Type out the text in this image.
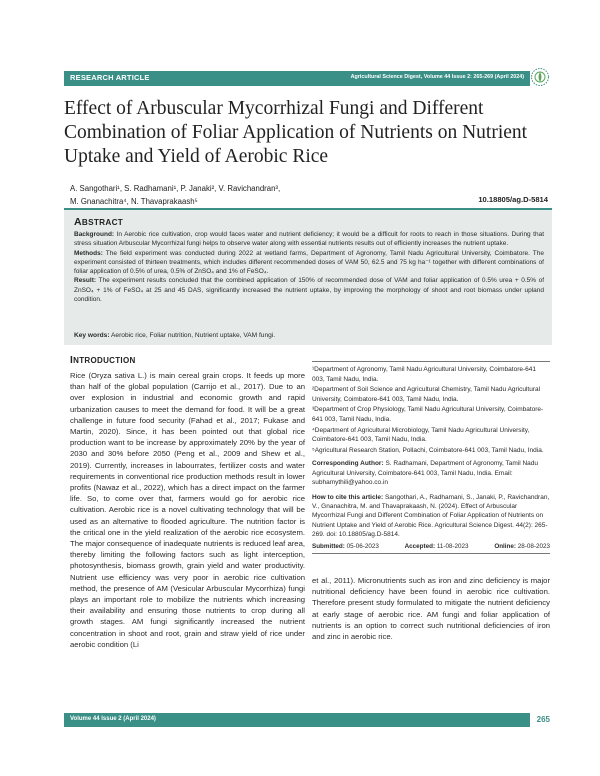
RESEARCH ARTICLE	Agricultural Science Digest, Volume 44 Issue 2: 265-269 (April 2024)
Effect of Arbuscular Mycorrhizal Fungi and Different Combination of Foliar Application of Nutrients on Nutrient Uptake and Yield of Aerobic Rice
A. Sangothari¹, S. Radhamani¹, P. Janaki², V. Ravichandran³,
M. Gnanachitra⁴, N. Thavaprakaash⁵	10.18805/ag.D-5814
ABSTRACT

Background: In Aerobic rice cultivation, crop would faces water and nutrient deficiency; it would be a difficult for roots to reach in those situations. During that stress situation Arbuscular Mycorrhizal fungi helps to observe water along with essential nutrients results out of efficiently increases the nutrient uptake.

Methods: The field experiment was conducted during 2022 at wetland farms, Department of Agronomy, Tamil Nadu Agricultural University, Coimbatore. The experiment consisted of thirteen treatments, which includes different recommended doses of VAM 50, 62.5 and 75 kg ha⁻¹ together with different combinations of foliar application of 0.5% of urea, 0.5% of ZnSO₄ and 1% of FeSO₄.

Result: The experiment results concluded that the combined application of 150% of recommended dose of VAM and foliar application of 0.5% urea + 0.5% of ZnSO₄ + 1% of FeSO₄ at 25 and 45 DAS, significantly increased the nutrient uptake, by improving the morphology of shoot and root biomass under upland condition.

Key words: Aerobic rice, Foliar nutrition, Nutrient uptake, VAM fungi.
INTRODUCTION

Rice (Oryza sativa L.) is main cereal grain crops. It feeds up more than half of the global population (Carrijo et al., 2017). Due to an over explosion in industrial and economic growth and rapid urbanization causes to meet the demand for food. It will be a great challenge in future food security (Fahad et al., 2017; Fukase and Martin, 2020). Since, it has been pointed out that global rice production want to be increase by approximately 20% by the year of 2030 and 30% before 2050 (Peng et al., 2009 and Shew et al., 2019). Currently, increases in labourrates, fertilizer costs and water requirements in conventional rice production methods result in lower profits (Nawaz et al., 2022), which has a direct impact on the farmer life. So, to come over that, farmers would go for aerobic rice cultivation. Aerobic rice is a novel cultivating technology that will be used as an alternative to flooded agriculture. The nutrition factor is the critical one in the yield realization of the aerobic rice ecosystem. The major consequence of inadequate nutrients is reduced leaf area, thereby limiting the following factors such as light interception, photosynthesis, biomass growth, grain yield and water productivity. Nutrient use efficiency was very poor in aerobic rice cultivation method, the presence of AM (Vesicular Arbuscular Mycorrhiza) fungi plays an important role to mobilize the nutrients which increasing their availability and ensuring those nutrients to crop during all growth stages. AM fungi significantly increased the nutrient concentration in shoot and root, grain and straw yield of rice under aerobic condition (Li

¹Department of Agronomy, Tamil Nadu Agricultural University, Coimbatore-641 003, Tamil Nadu, India.

²Department of Soil Science and Agricultural Chemistry, Tamil Nadu Agricultural University, Coimbatore-641 003, Tamil Nadu, India.

³Department of Crop Physiology, Tamil Nadu Agricultural University, Coimbatore-641 003, Tamil Nadu, India.

⁴Department of Agricultural Microbiology, Tamil Nadu Agricultural University, Coimbatore-641 003, Tamil Nadu, India.

⁵Agricultural Research Station, Pollachi, Coimbatore-641 003, Tamil Nadu, India.

Corresponding Author: S. Radhamani, Department of Agronomy, Tamil Nadu Agricultural University, Coimbatore-641 003, Tamil Nadu, India. Email: subhamythili@yahoo.co.in

How to cite this article: Sangothari, A., Radhamani, S., Janaki, P., Ravichandran, V., Gnanachitra, M. and Thavaprakaash, N. (2024). Effect of Arbuscular Mycorrhizal Fungi and Different Combination of Foliar Application of Nutrients on Nutrient Uptake and Yield of Aerobic Rice. Agricultural Science Digest. 44(2): 265-269. doi: 10.18805/ag.D-5814.

Submitted: 05-06-2023	Accepted: 11-08-2023	Online: 28-08-2023

et al., 2011). Micronutrients such as iron and zinc deficiency is major nutritional deficiency have been found in aerobic rice cultivation. Therefore present study formulated to mitigate the nutrient deficiency at early stage of aerobic rice. AM fungi and foliar application of nutrients is an option to correct such nutritional deficiencies of iron and zinc in aerobic rice.

Volume 44 Issue 2 (April 2024)	265
